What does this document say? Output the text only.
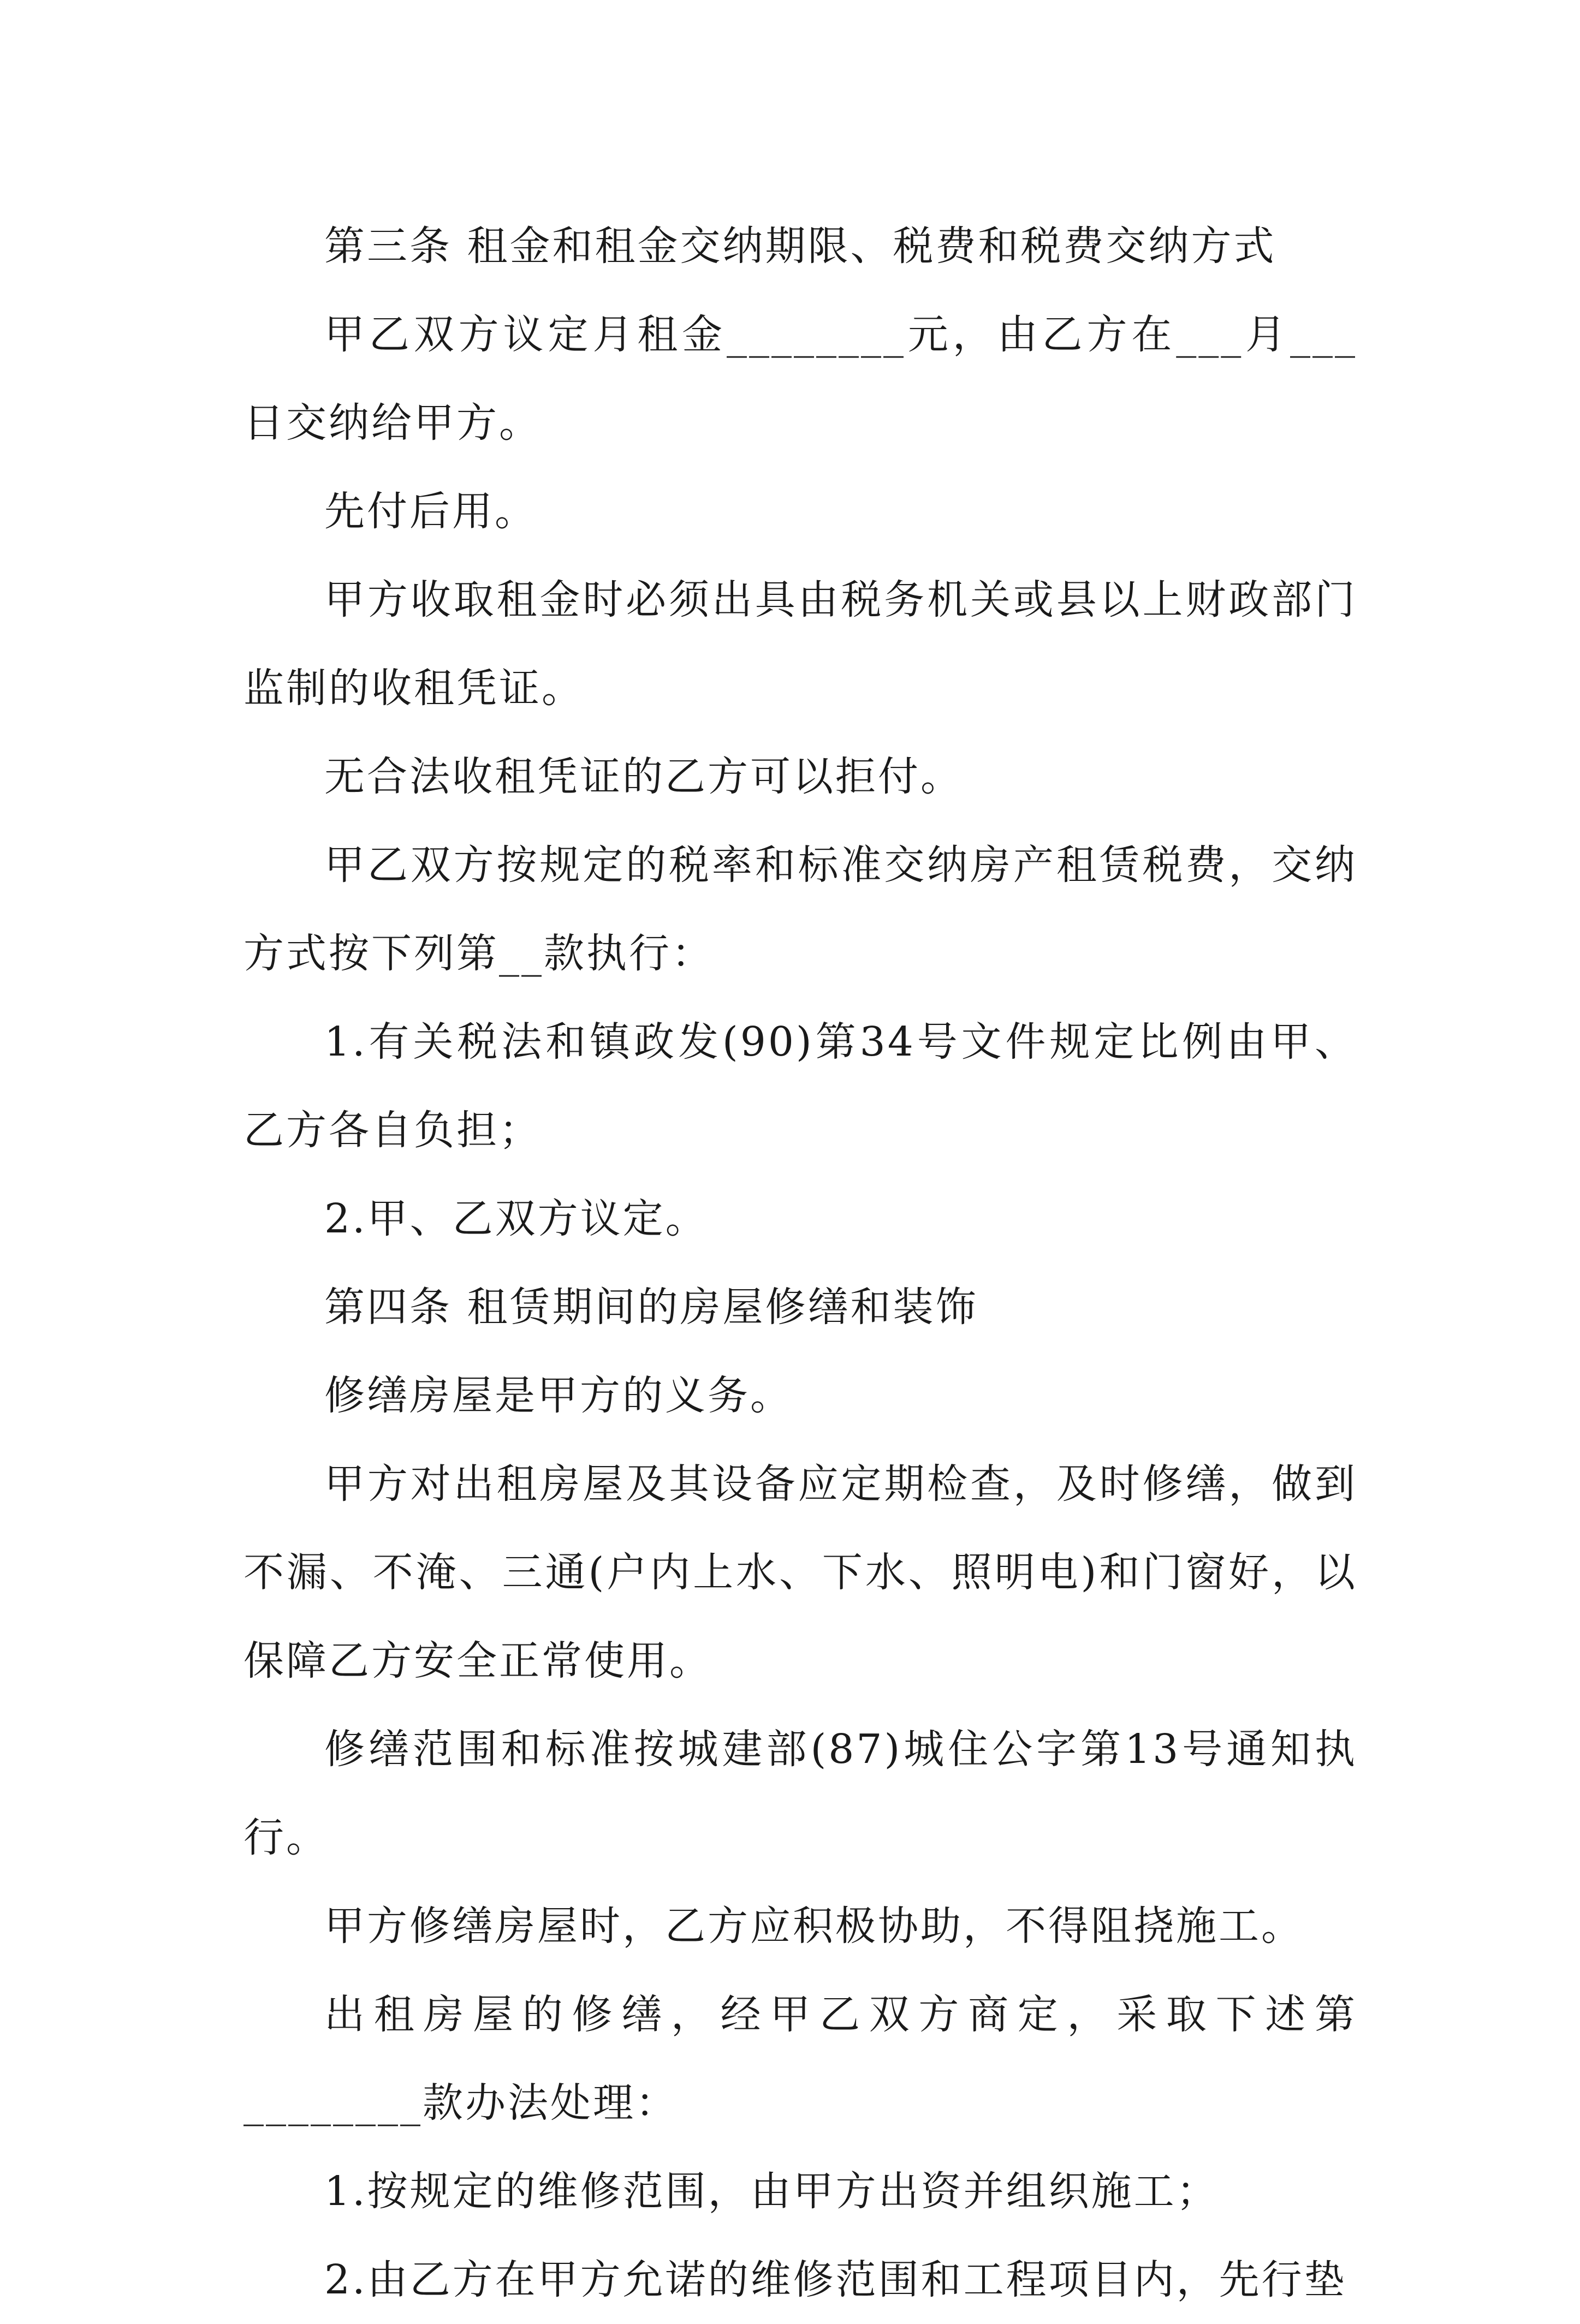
第三条 租金和租金交纳期限、税费和税费交纳方式

甲乙双方议定月租金________元，由乙方在___月___日交纳给甲方。

先付后用。

甲方收取租金时必须出具由税务机关或县以上财政部门监制的收租凭证。

无合法收租凭证的乙方可以拒付。

甲乙双方按规定的税率和标准交纳房产租赁税费，交纳方式按下列第__款执行：

1.有关税法和镇政发(90)第34号文件规定比例由甲、乙方各自负担；

2.甲、乙双方议定。

第四条 租赁期间的房屋修缮和装饰

修缮房屋是甲方的义务。

甲方对出租房屋及其设备应定期检查，及时修缮，做到不漏、不淹、三通(户内上水、下水、照明电)和门窗好，以保障乙方安全正常使用。

修缮范围和标准按城建部(87)城住公字第13号通知执行。

甲方修缮房屋时，乙方应积极协助，不得阻挠施工。

出租房屋的修缮，经甲乙双方商定，采取下述第________款办法处理：

1.按规定的维修范围，由甲方出资并组织施工；

2.由乙方在甲方允诺的维修范围和工程项目内，先行垫
